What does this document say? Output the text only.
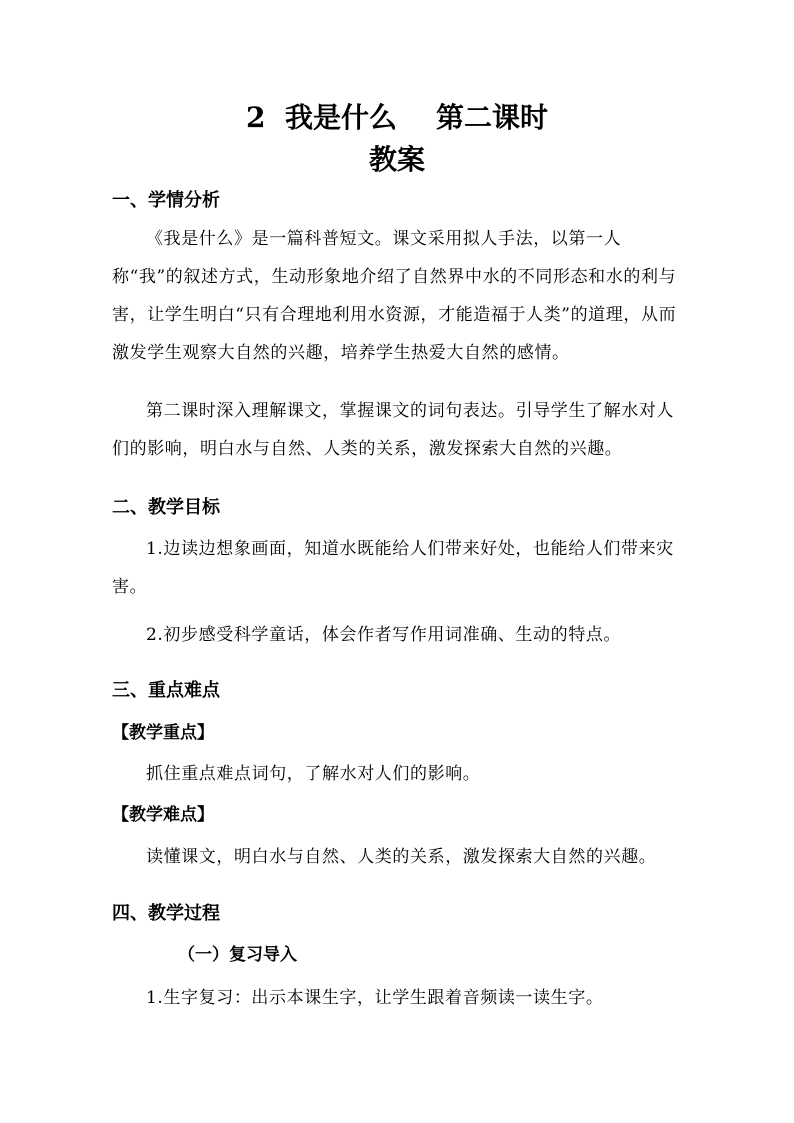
2  我是什么    第二课时
教案
一、学情分析

《我是什么》是一篇科普短文。课文采用拟人手法，以第一人称“我”的叙述方式，生动形象地介绍了自然界中水的不同形态和水的利与害，让学生明白“只有合理地利用水资源，才能造福于人类”的道理，从而激发学生观察大自然的兴趣，培养学生热爱大自然的感情。

第二课时深入理解课文，掌握课文的词句表达。引导学生了解水对人们的影响，明白水与自然、人类的关系，激发探索大自然的兴趣。

二、教学目标

1.边读边想象画面，知道水既能给人们带来好处，也能给人们带来灾害。

2.初步感受科学童话，体会作者写作用词准确、生动的特点。

三、重点难点
【教学重点】

抓住重点难点词句，了解水对人们的影响。

【教学难点】

读懂课文，明白水与自然、人类的关系，激发探索大自然的兴趣。

四、教学过程
（一）复习导入

1.生字复习：出示本课生字，让学生跟着音频读一读生字。
